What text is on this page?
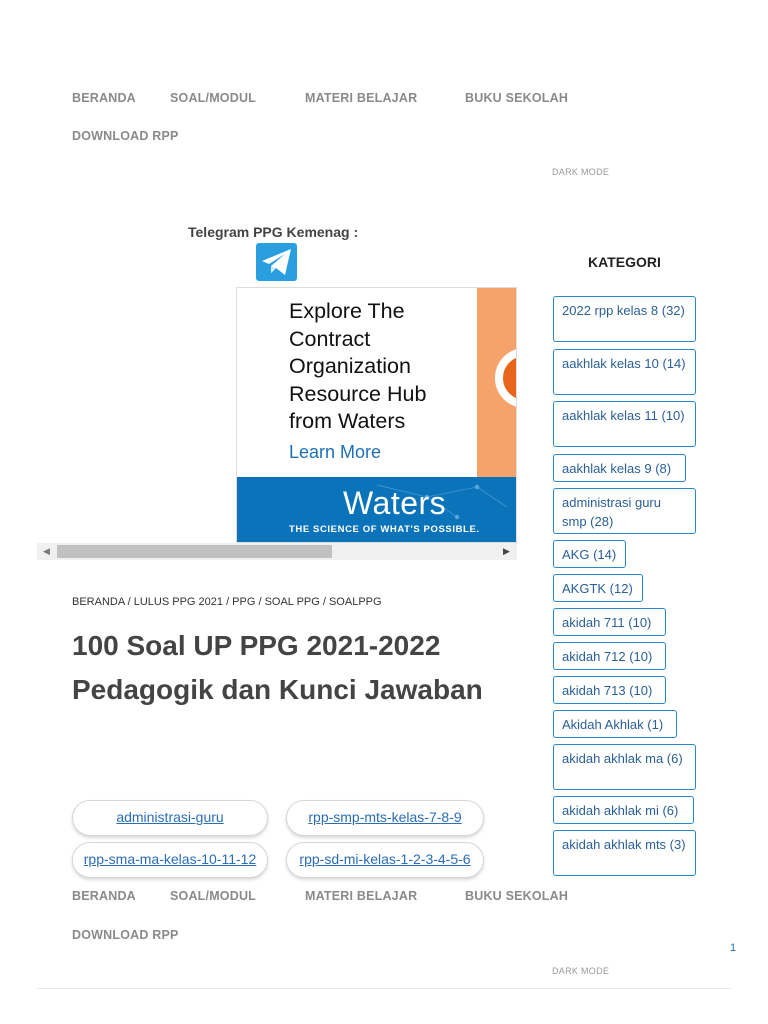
BERANDA	SOAL/MODUL	MATERI BELAJAR	BUKU SEKOLAH
DOWNLOAD RPP
DARK MODE
Telegram PPG Kemenag :
Explore The
Contract
Organization
Resource Hub
from Waters
Learn More
Waters
THE SCIENCE OF WHAT'S POSSIBLE.
◀	▶
BERANDA / LULUS PPG 2021 / PPG / SOAL PPG / SOALPPG
100 Soal UP PPG 2021-2022 Pedagogik dan Kunci Jawaban
administrasi-guru	rpp-smp-mts-kelas-7-8-9
rpp-sma-ma-kelas-10-11-12	rpp-sd-mi-kelas-1-2-3-4-5-6
KATEGORI
2022 rpp kelas 8 (32)
aakhlak kelas 10 (14)
aakhlak kelas 11 (10)
aakhlak kelas 9 (8)
administrasi guru smp (28)
AKG (14)
AKGTK (12)
akidah 711 (10)
akidah 712 (10)
akidah 713 (10)
Akidah Akhlak (1)
akidah akhlak ma (6)
akidah akhlak mi (6)
akidah akhlak mts (3)
BERANDA	SOAL/MODUL	MATERI BELAJAR	BUKU SEKOLAH
DOWNLOAD RPP
DARK MODE
1
